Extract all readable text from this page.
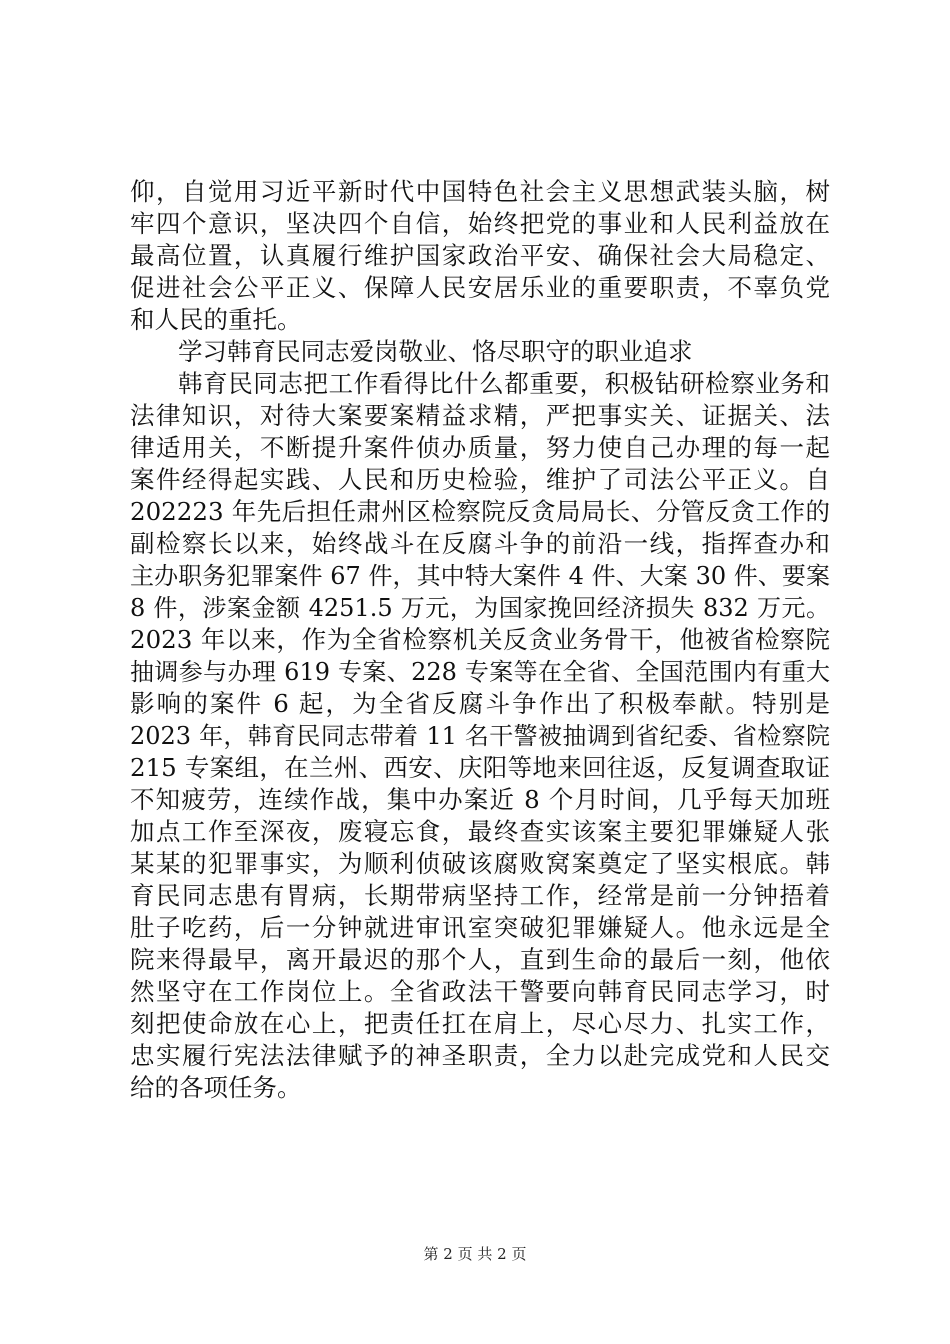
仰，自觉用习近平新时代中国特色社会主义思想武装头脑，树
牢四个意识，坚决四个自信，始终把党的事业和人民利益放在
最高位置，认真履行维护国家政治平安、确保社会大局稳定、
促进社会公平正义、保障人民安居乐业的重要职责，不辜负党
和人民的重托。
学习韩育民同志爱岗敬业、恪尽职守的职业追求
韩育民同志把工作看得比什么都重要，积极钻研检察业务和
法律知识，对待大案要案精益求精，严把事实关、证据关、法
律适用关，不断提升案件侦办质量，努力使自己办理的每一起
案件经得起实践、人民和历史检验，维护了司法公平正义。自
202223 年先后担任肃州区检察院反贪局局长、分管反贪工作的
副检察长以来，始终战斗在反腐斗争的前沿一线，指挥查办和
主办职务犯罪案件 67 件，其中特大案件 4 件、大案 30 件、要案
8 件，涉案金额 4251.5 万元，为国家挽回经济损失 832 万元。
2023 年以来，作为全省检察机关反贪业务骨干，他被省检察院
抽调参与办理 619 专案、228 专案等在全省、全国范围内有重大
影响的案件 6 起，为全省反腐斗争作出了积极奉献。特别是
2023 年，韩育民同志带着 11 名干警被抽调到省纪委、省检察院
215 专案组，在兰州、西安、庆阳等地来回往返，反复调查取证
不知疲劳，连续作战，集中办案近 8 个月时间，几乎每天加班
加点工作至深夜，废寝忘食，最终查实该案主要犯罪嫌疑人张
某某的犯罪事实，为顺利侦破该腐败窝案奠定了坚实根底。韩
育民同志患有胃病，长期带病坚持工作，经常是前一分钟捂着
肚子吃药，后一分钟就进审讯室突破犯罪嫌疑人。他永远是全
院来得最早，离开最迟的那个人，直到生命的最后一刻，他依
然坚守在工作岗位上。全省政法干警要向韩育民同志学习，时
刻把使命放在心上，把责任扛在肩上，尽心尽力、扎实工作，
忠实履行宪法法律赋予的神圣职责，全力以赴完成党和人民交
给的各项任务。
第 2 页 共 2 页
